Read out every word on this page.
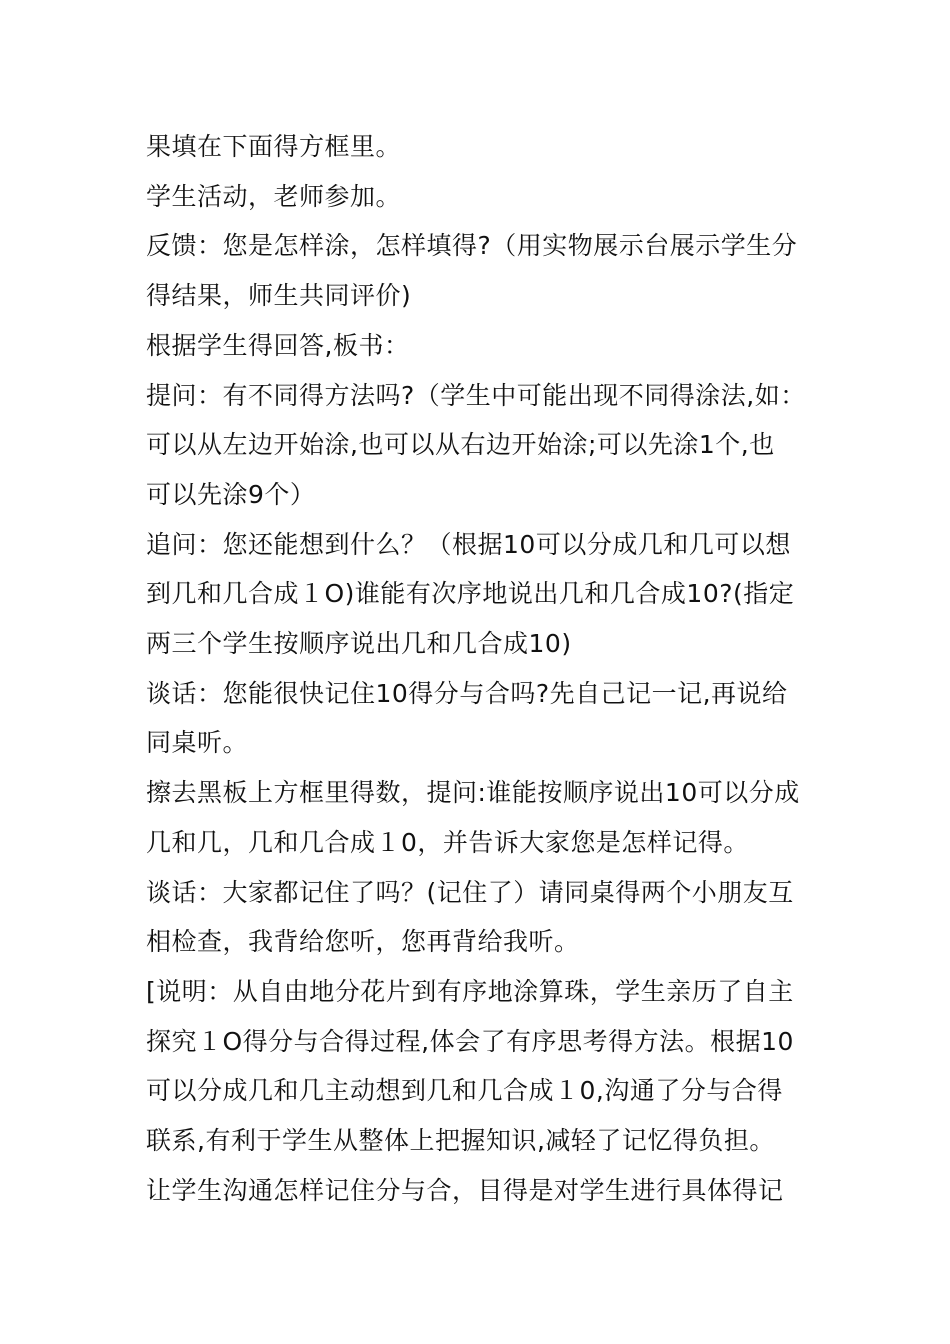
果填在下面得方框里。
学生活动，老师参加。
反馈：您是怎样涂，怎样填得?（用实物展示台展示学生分
得结果，师生共同评价)
根据学生得回答,板书：
提问：有不同得方法吗?（学生中可能出现不同得涂法,如：
可以从左边开始涂,也可以从右边开始涂;可以先涂1个,也
可以先涂9个）
追问：您还能想到什么？（根据10可以分成几和几可以想
到几和几合成１O)谁能有次序地说出几和几合成10?(指定
两三个学生按顺序说出几和几合成10)
谈话：您能很快记住10得分与合吗?先自己记一记,再说给
同桌听。
擦去黑板上方框里得数，提问:谁能按顺序说出10可以分成
几和几，几和几合成１0，并告诉大家您是怎样记得。
谈话：大家都记住了吗？(记住了）请同桌得两个小朋友互
相检查，我背给您听，您再背给我听。
[说明：从自由地分花片到有序地涂算珠，学生亲历了自主
探究１O得分与合得过程,体会了有序思考得方法。根据10
可以分成几和几主动想到几和几合成１0,沟通了分与合得
联系,有利于学生从整体上把握知识,减轻了记忆得负担。
让学生沟通怎样记住分与合，目得是对学生进行具体得记
